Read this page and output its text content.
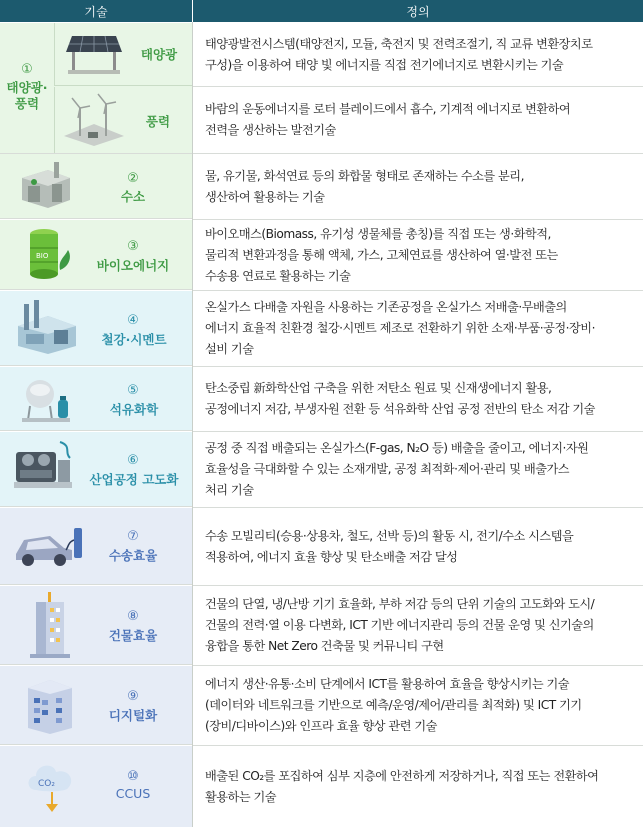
기술	정의
①
태양광·
풍력
태양광
풍력
태양광발전시스템(태양전지, 모듈, 축전지 및 전력조절기, 직 교류 변환장치로
구성)을 이용하여 태양 빛 에너지를 직접 전기에너지로 변환시키는 기술
바람의 운동에너지를 로터 블레이드에서 흡수, 기계적 에너지로 변환하여
전력을 생산하는 발전기술
②
수소
물, 유기물, 화석연료 등의 화합물 형태로 존재하는 수소를 분리,
생산하여 활용하는 기술
BIO
③
바이오에너지
바이오매스(Biomass, 유기성 생물체를 총칭)를 직접 또는 생·화학적,
물리적 변환과정을 통해 액체, 가스, 고체연료를 생산하여 열·발전 또는
수송용 연료로 활용하는 기술
④
철강·시멘트
온실가스 다배출 자원을 사용하는 기존공정을 온실가스 저배출·무배출의
에너지 효율적 친환경 철강·시멘트 제조로 전환하기 위한 소재·부품·공정·장비·
설비 기술
⑤
석유화학
탄소중립 新화학산업 구축을 위한 저탄소 원료 및 신재생에너지 활용,
공정에너지 저감, 부생자원 전환 등 석유화학 산업 공정 전반의 탄소 저감 기술
⑥
산업공정 고도화
공정 중 직접 배출되는 온실가스(F-gas, N₂O 등) 배출을 줄이고, 에너지·자원
효율성을 극대화할 수 있는 소재개발, 공정 최적화·제어·관리 및 배출가스
처리 기술
⑦
수송효율
수송 모빌리티(승용·상용차, 철도, 선박 등)의 활동 시, 전기/수소 시스템을
적용하여, 에너지 효율 향상 및 탄소배출 저감 달성
⑧
건물효율
건물의 단열, 냉/난방 기기 효율화, 부하 저감 등의 단위 기술의 고도화와 도시/
건물의 전력·열 이용 다변화, ICT 기반 에너지관리 등의 건물 운영 및 신기술의
융합을 통한 Net Zero 건축물 및 커뮤니티 구현
⑨
디지털화
에너지 생산·유통·소비 단계에서 ICT를 활용하여 효율을 향상시키는 기술
(데이터와 네트워크를 기반으로 예측/운영/제어/관리를 최적화) 및 ICT 기기
(장비/디바이스)와 인프라 효율 향상 관련 기술
CO₂	⑩
CCUS
배출된 CO₂를 포집하여 심부 지층에 안전하게 저장하거나, 직접 또는 전환하여
활용하는 기술
